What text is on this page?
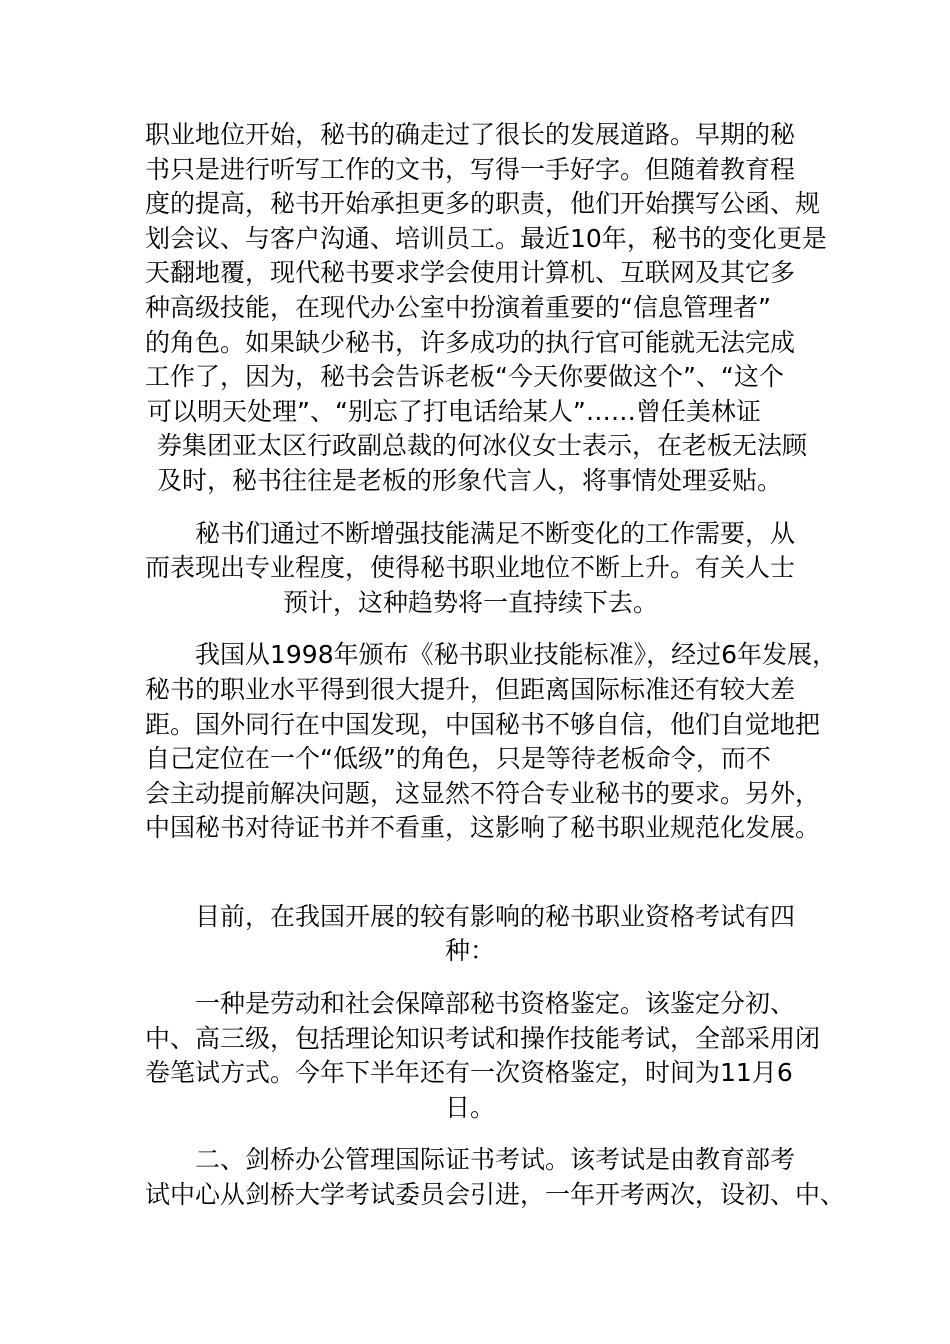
职业地位开始，秘书的确走过了很长的发展道路。早期的秘
书只是进行听写工作的文书，写得一手好字。但随着教育程
度的提高，秘书开始承担更多的职责，他们开始撰写公函、规
划会议、与客户沟通、培训员工。最近10年，秘书的变化更是
天翻地覆，现代秘书要求学会使用计算机、互联网及其它多
种高级技能，在现代办公室中扮演着重要的“信息管理者”
的角色。如果缺少秘书，许多成功的执行官可能就无法完成
工作了，因为，秘书会告诉老板“今天你要做这个”、“这个
可以明天处理”、“别忘了打电话给某人”……曾任美林证
券集团亚太区行政副总裁的何冰仪女士表示，在老板无法顾
及时，秘书往往是老板的形象代言人，将事情处理妥贴。
秘书们通过不断增强技能满足不断变化的工作需要，从
而表现出专业程度，使得秘书职业地位不断上升。有关人士
预计，这种趋势将一直持续下去。
我国从1998年颁布《秘书职业技能标准》，经过6年发展，
秘书的职业水平得到很大提升，但距离国际标准还有较大差
距。国外同行在中国发现，中国秘书不够自信，他们自觉地把
自己定位在一个“低级”的角色，只是等待老板命令，而不
会主动提前解决问题，这显然不符合专业秘书的要求。另外，
中国秘书对待证书并不看重，这影响了秘书职业规范化发展。
目前，在我国开展的较有影响的秘书职业资格考试有四
种：
一种是劳动和社会保障部秘书资格鉴定。该鉴定分初、
中、高三级，包括理论知识考试和操作技能考试，全部采用闭
卷笔试方式。今年下半年还有一次资格鉴定，时间为11月6
日。
二、剑桥办公管理国际证书考试。该考试是由教育部考
试中心从剑桥大学考试委员会引进，一年开考两次，设初、中、
